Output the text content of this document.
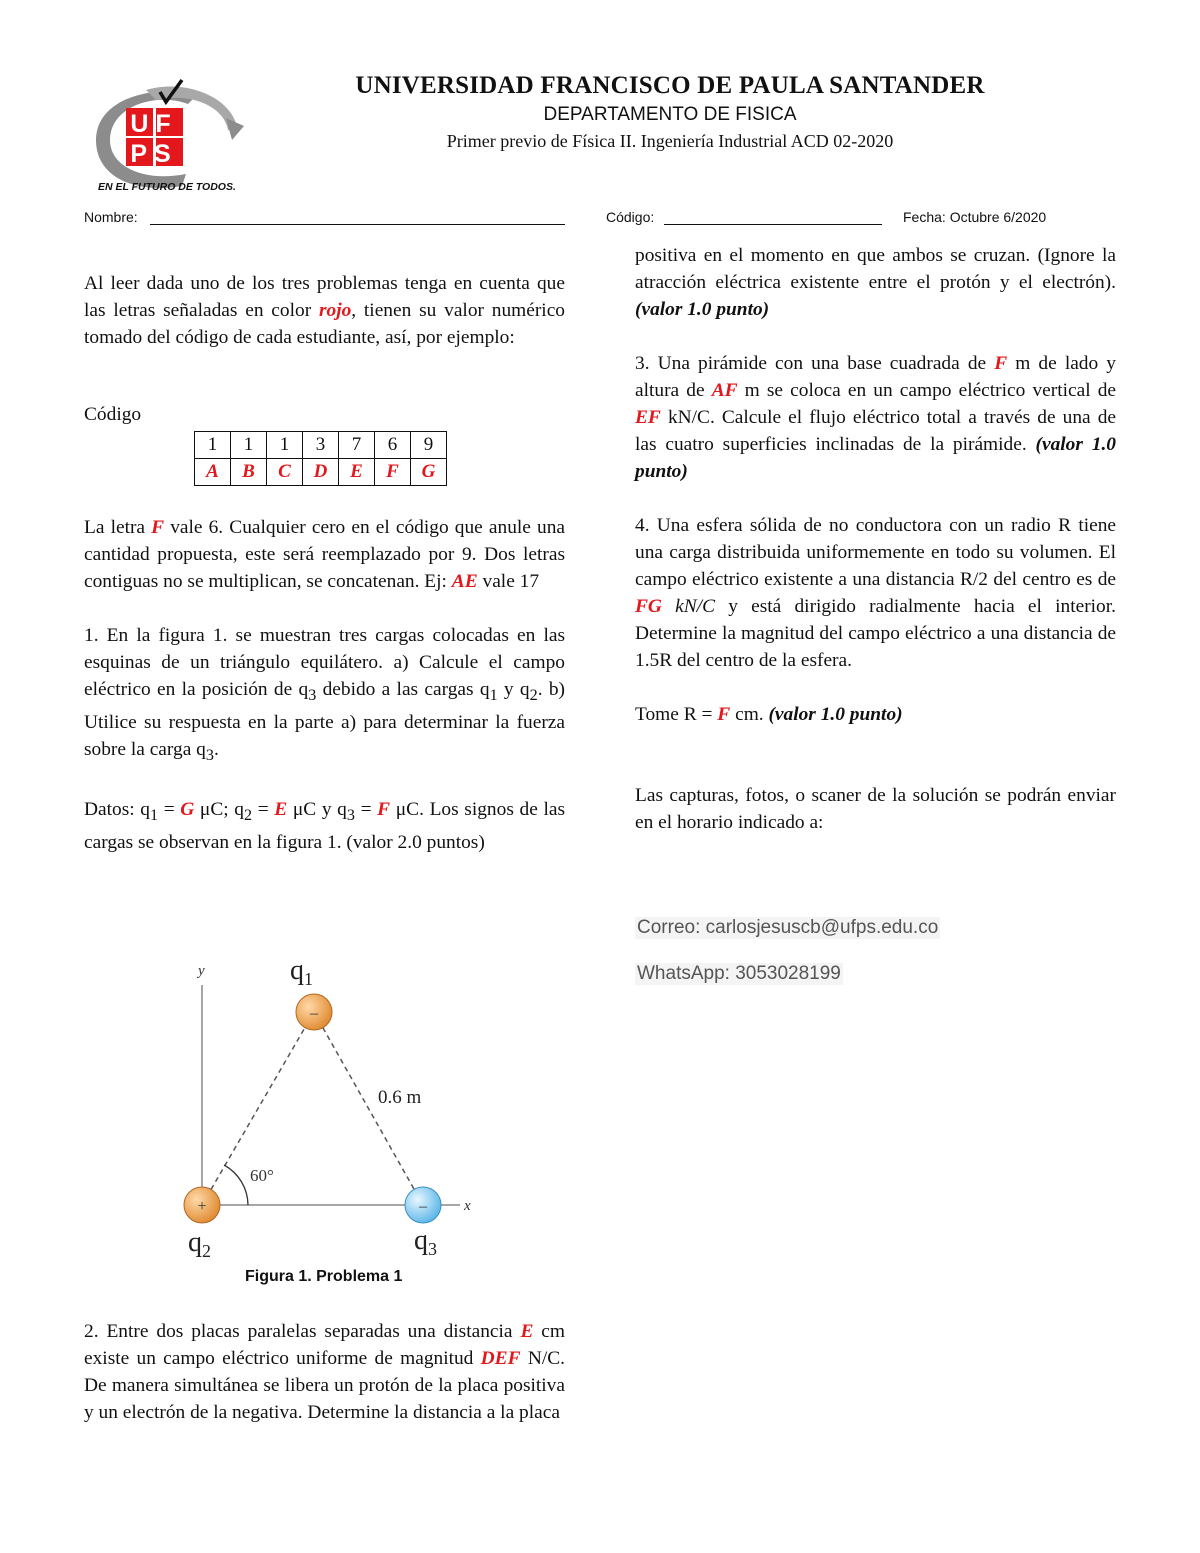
UF
PS
EN EL FUTURO DE TODOS.
UNIVERSIDAD FRANCISCO DE PAULA SANTANDER
DEPARTAMENTO DE FISICA
Primer previo de Física II. Ingeniería Industrial ACD 02-2020
Nombre:	Código:	Fecha: Octubre 6/2020

Al leer dada uno de los tres problemas tenga en cuenta que las letras señaladas en color rojo, tienen su valor numérico tomado del código de cada estudiante, así, por ejemplo:

Código
1	1	1	3	7	6	9
A	B	C	D	E	F	G

La letra F vale 6. Cualquier cero en el código que anule una cantidad propuesta, este será reemplazado por 9. Dos letras contiguas no se multiplican, se concatenan. Ej: AE vale 17

1. En la figura 1. se muestran tres cargas colocadas en las esquinas de un triángulo equilátero. a) Calcule el campo eléctrico en la posición de $q_3$ debido a las cargas $q_1$ y $q_2$. b) Utilice su respuesta en la parte a) para determinar la fuerza sobre la carga $q_3$.

Datos: $q_1 = G$ μC; $q_2 = E$ μC y $q_3 = F$ μC. Los signos de las cargas se observan en la figura 1. (valor 2.0 puntos)

y
x
60°
0.6 m
–
+	–
$q_1$
$q_2$	$q_3$
Figura 1. Problema 1

2. Entre dos placas paralelas separadas una distancia E cm existe un campo eléctrico uniforme de magnitud DEF N/C. De manera simultánea se libera un protón de la placa positiva y un electrón de la negativa. Determine la distancia a la placa

positiva en el momento en que ambos se cruzan. (Ignore la atracción eléctrica existente entre el protón y el electrón). (valor 1.0 punto)

3. Una pirámide con una base cuadrada de F m de lado y altura de AF m se coloca en un campo eléctrico vertical de EF kN/C. Calcule el flujo eléctrico total a través de una de las cuatro superficies inclinadas de la pirámide. (valor 1.0 punto)

4. Una esfera sólida de no conductora con un radio R tiene una carga distribuida uniformemente en todo su volumen. El campo eléctrico existente a una distancia R/2 del centro es de FG kN/C y está dirigido radialmente hacia el interior. Determine la magnitud del campo eléctrico a una distancia de 1.5R del centro de la esfera.

Tome R = F cm. (valor 1.0 punto)

Las capturas, fotos, o scaner de la solución se podrán enviar en el horario indicado a:

Correo: carlosjesuscb@ufps.edu.co
WhatsApp: 3053028199
